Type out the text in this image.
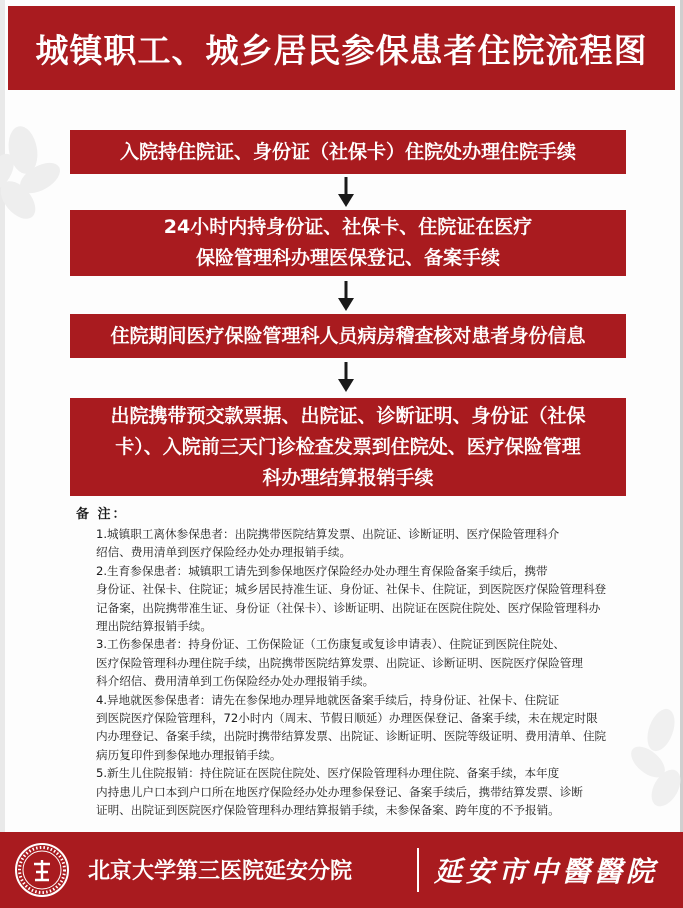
城镇职工、城乡居民参保患者住院流程图
入院持住院证、身份证（社保卡）住院处办理住院手续
24小时内持身份证、社保卡、住院证在医疗
保险管理科办理医保登记、备案手续
住院期间医疗保险管理科人员病房稽查核对患者身份信息
出院携带预交款票据、出院证、诊断证明、身份证（社保
卡）、入院前三天门诊检查发票到住院处、医疗保险管理
科办理结算报销手续
备 注：

1.城镇职工离休参保患者：出院携带医院结算发票、出院证、诊断证明、医疗保险管理科介

绍信、费用清单到医疗保险经办处办理报销手续。

2.生育参保患者：城镇职工请先到参保地医疗保险经办处办理生育保险备案手续后，携带

身份证、社保卡、住院证；城乡居民持准生证、身份证、社保卡、住院证，到医院医疗保险管理科登

记备案，出院携带准生证、身份证（社保卡）、诊断证明、出院证在医院住院处、医疗保险管理科办

理出院结算报销手续。

3.工伤参保患者：持身份证、工伤保险证（工伤康复或复诊申请表）、住院证到医院住院处、

医疗保险管理科办理住院手续，出院携带医院结算发票、出院证、诊断证明、医院医疗保险管理

科介绍信、费用清单到工伤保险经办处办理报销手续。

4.异地就医参保患者：请先在参保地办理异地就医备案手续后，持身份证、社保卡、住院证

到医院医疗保险管理科，72小时内（周末、节假日顺延）办理医保登记、备案手续，未在规定时限

内办理登记、备案手续，出院时携带结算发票、出院证、诊断证明、医院等级证明、费用清单、住院

病历复印件到参保地办理报销手续。

5.新生儿住院报销：持住院证在医院住院处、医疗保险管理科办理住院、备案手续，本年度

内持患儿户口本到户口所在地医疗保险经办处办理参保登记、备案手续后，携带结算发票、诊断

证明、出院证到医院医疗保险管理科办理结算报销手续，未参保备案、跨年度的不予报销。

北京大学第三医院延安分院	延安市中醫醫院
